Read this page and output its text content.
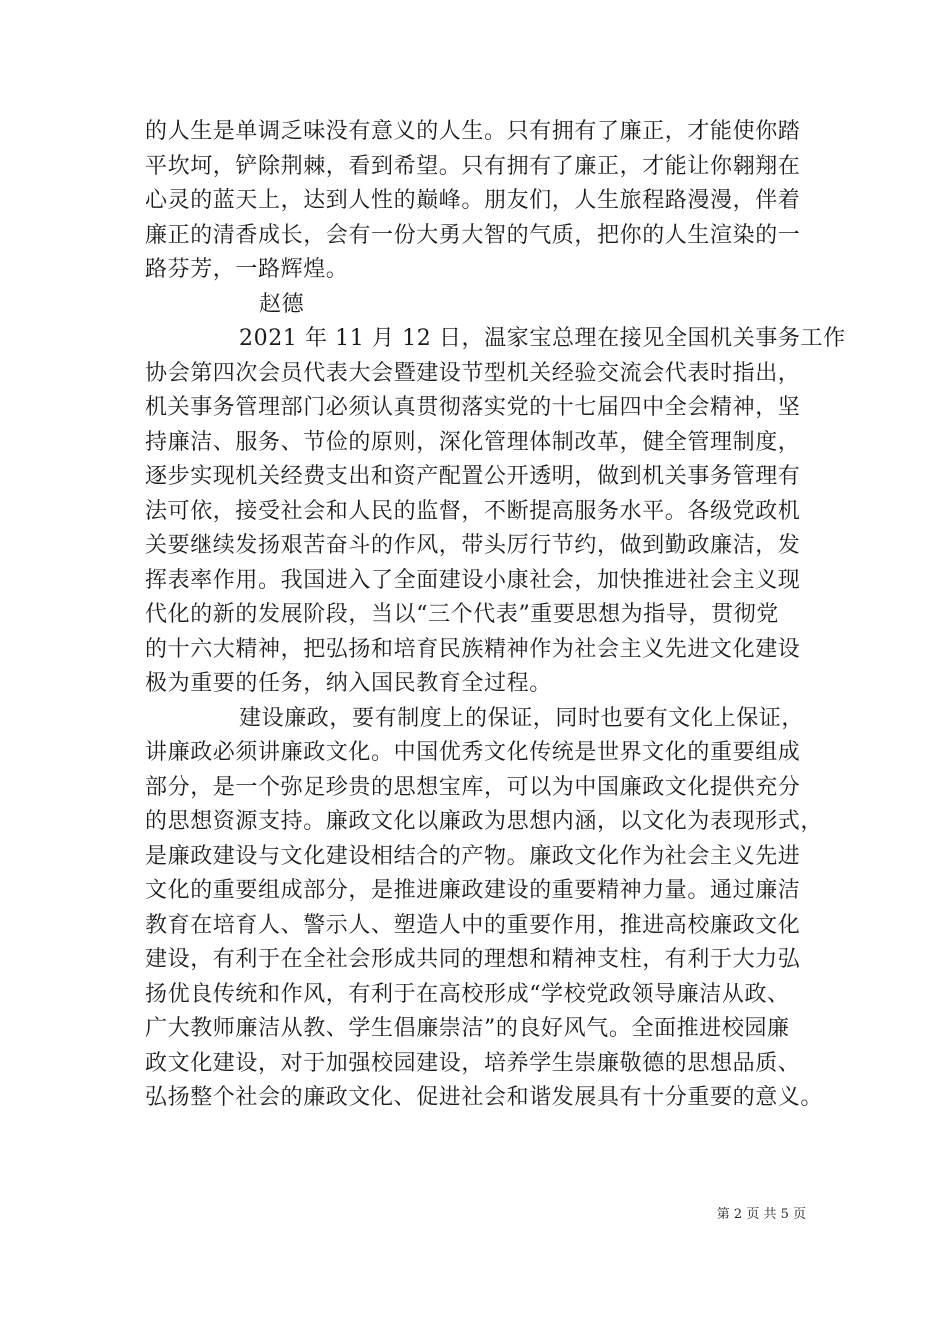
的人生是单调乏味没有意义的人生。只有拥有了廉正，才能使你踏
平坎坷，铲除荆棘，看到希望。只有拥有了廉正，才能让你翱翔在
心灵的蓝天上，达到人性的巅峰。朋友们，人生旅程路漫漫，伴着
廉正的清香成长，会有一份大勇大智的气质，把你的人生渲染的一
路芬芳，一路辉煌。
赵德
2021 年 11 月 12 日，温家宝总理在接见全国机关事务工作
协会第四次会员代表大会暨建设节型机关经验交流会代表时指出，
机关事务管理部门必须认真贯彻落实党的十七届四中全会精神，坚
持廉洁、服务、节俭的原则，深化管理体制改革，健全管理制度，
逐步实现机关经费支出和资产配置公开透明，做到机关事务管理有
法可依，接受社会和人民的监督，不断提高服务水平。各级党政机
关要继续发扬艰苦奋斗的作风，带头厉行节约，做到勤政廉洁，发
挥表率作用。我国进入了全面建设小康社会，加快推进社会主义现
代化的新的发展阶段，当以“三个代表”重要思想为指导，贯彻党
的十六大精神，把弘扬和培育民族精神作为社会主义先进文化建设
极为重要的任务，纳入国民教育全过程。
建设廉政，要有制度上的保证，同时也要有文化上保证，
讲廉政必须讲廉政文化。中国优秀文化传统是世界文化的重要组成
部分，是一个弥足珍贵的思想宝库，可以为中国廉政文化提供充分
的思想资源支持。廉政文化以廉政为思想内涵，以文化为表现形式，
是廉政建设与文化建设相结合的产物。廉政文化作为社会主义先进
文化的重要组成部分，是推进廉政建设的重要精神力量。通过廉洁
教育在培育人、警示人、塑造人中的重要作用，推进高校廉政文化
建设，有利于在全社会形成共同的理想和精神支柱，有利于大力弘
扬优良传统和作风，有利于在高校形成“学校党政领导廉洁从政、
广大教师廉洁从教、学生倡廉崇洁”的良好风气。全面推进校园廉
政文化建设，对于加强校园建设，培养学生崇廉敬德的思想品质、
弘扬整个社会的廉政文化、促进社会和谐发展具有十分重要的意义。
第 2 页 共 5 页
